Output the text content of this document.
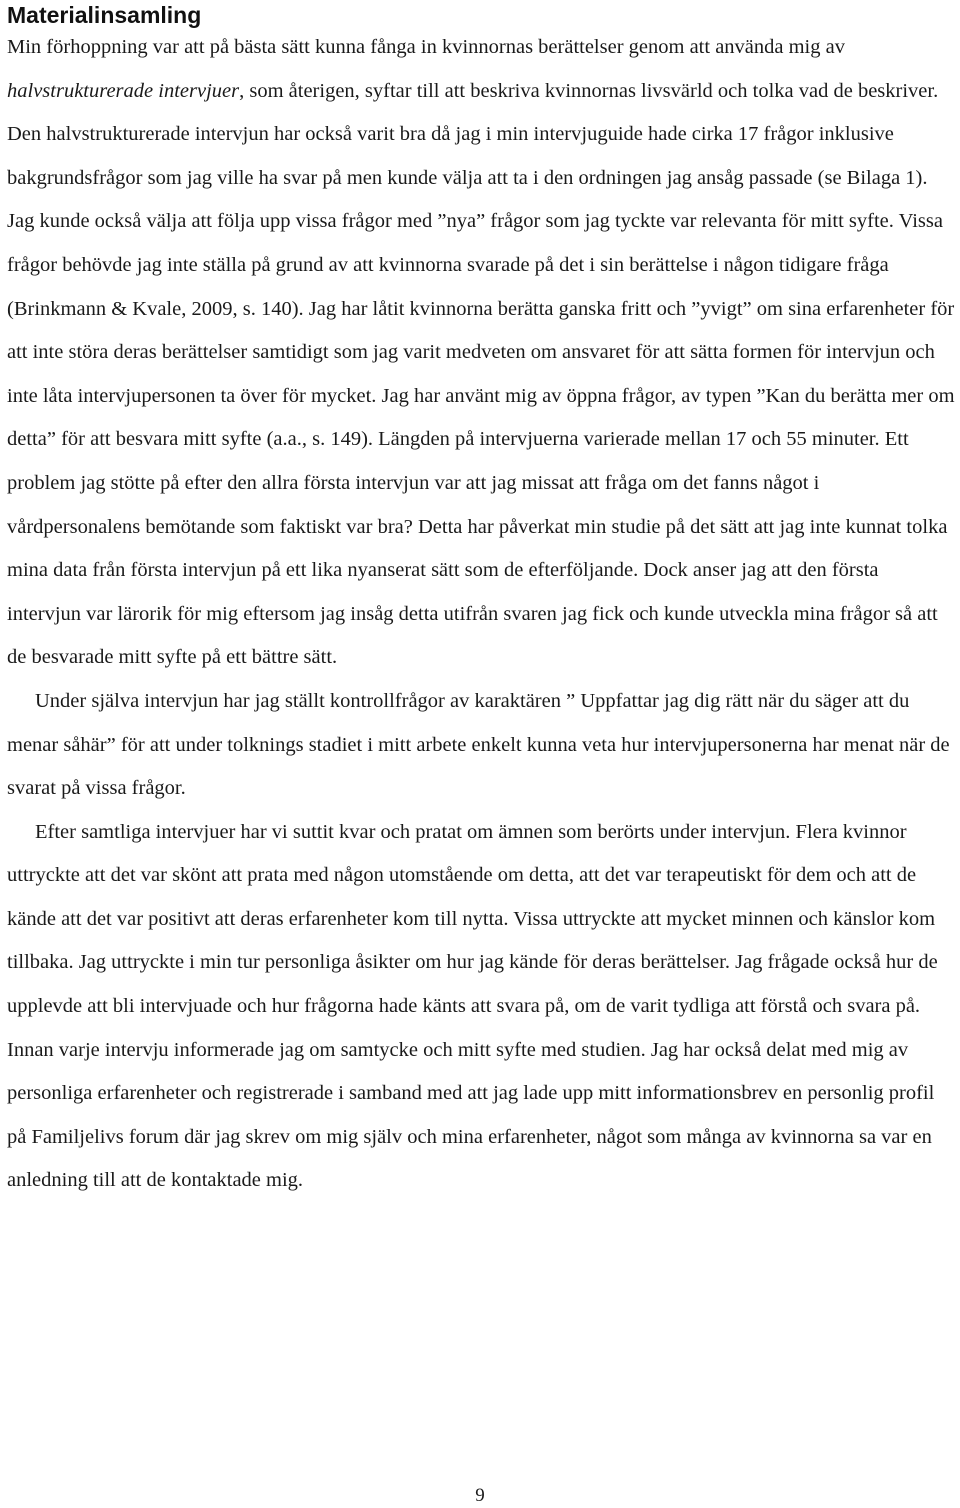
Materialinsamling

Min förhoppning var att på bästa sätt kunna fånga in kvinnornas berättelser genom att använda mig av halvstrukturerade intervjuer, som återigen, syftar till att beskriva kvinnornas livsvärld och tolka vad de beskriver. Den halvstrukturerade intervjun har också varit bra då jag i min intervjuguide hade cirka 17 frågor inklusive bakgrundsfrågor som jag ville ha svar på men kunde välja att ta i den ordningen jag ansåg passade (se Bilaga 1). Jag kunde också välja att följa upp vissa frågor med ”nya” frågor som jag tyckte var relevanta för mitt syfte. Vissa frågor behövde jag inte ställa på grund av att kvinnorna svarade på det i sin berättelse i någon tidigare fråga (Brinkmann & Kvale, 2009, s. 140). Jag har låtit kvinnorna berätta ganska fritt och ”yvigt” om sina erfarenheter för att inte störa deras berättelser samtidigt som jag varit medveten om ansvaret för att sätta formen för intervjun och inte låta intervjupersonen ta över för mycket. Jag har använt mig av öppna frågor, av typen ”Kan du berätta mer om detta” för att besvara mitt syfte (a.a., s. 149). Längden på intervjuerna varierade mellan 17 och 55 minuter. Ett problem jag stötte på efter den allra första intervjun var att jag missat att fråga om det fanns något i vårdpersonalens bemötande som faktiskt var bra? Detta har påverkat min studie på det sätt att jag inte kunnat tolka mina data från första intervjun på ett lika nyanserat sätt som de efterföljande. Dock anser jag att den första intervjun var lärorik för mig eftersom jag insåg detta utifrån svaren jag fick och kunde utveckla mina frågor så att de besvarade mitt syfte på ett bättre sätt.

Under själva intervjun har jag ställt kontrollfrågor av karaktären ” Uppfattar jag dig rätt när du säger att du menar såhär” för att under tolknings stadiet i mitt arbete enkelt kunna veta hur intervjupersonerna har menat när de svarat på vissa frågor.

Efter samtliga intervjuer har vi suttit kvar och pratat om ämnen som berörts under intervjun. Flera kvinnor uttryckte att det var skönt att prata med någon utomstående om detta, att det var terapeutiskt för dem och att de kände att det var positivt att deras erfarenheter kom till nytta. Vissa uttryckte att mycket minnen och känslor kom tillbaka. Jag uttryckte i min tur personliga åsikter om hur jag kände för deras berättelser. Jag frågade också hur de upplevde att bli intervjuade och hur frågorna hade känts att svara på, om de varit tydliga att förstå och svara på. Innan varje intervju informerade jag om samtycke och mitt syfte med studien. Jag har också delat med mig av personliga erfarenheter och registrerade i samband med att jag lade upp mitt informationsbrev en personlig profil på Familjelivs forum där jag skrev om mig själv och mina erfarenheter, något som många av kvinnorna sa var en anledning till att de kontaktade mig.

9
